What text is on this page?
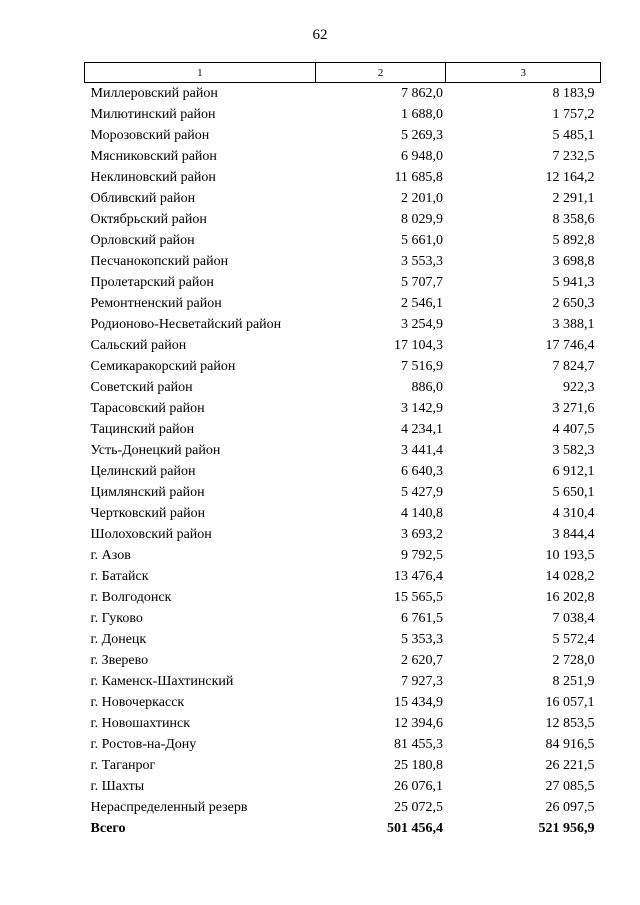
62
1	2	3
Миллеровский район	7 862,0	8 183,9
Милютинский район	1 688,0	1 757,2
Морозовский район	5 269,3	5 485,1
Мясниковский район	6 948,0	7 232,5
Неклиновский район	11 685,8	12 164,2
Обливский район	2 201,0	2 291,1
Октябрьский район	8 029,9	8 358,6
Орловский район	5 661,0	5 892,8
Песчанокопский район	3 553,3	3 698,8
Пролетарский район	5 707,7	5 941,3
Ремонтненский район	2 546,1	2 650,3
Родионово-Несветайский район	3 254,9	3 388,1
Сальский район	17 104,3	17 746,4
Семикаракорский район	7 516,9	7 824,7
Советский район	886,0	922,3
Тарасовский район	3 142,9	3 271,6
Тацинский район	4 234,1	4 407,5
Усть-Донецкий район	3 441,4	3 582,3
Целинский район	6 640,3	6 912,1
Цимлянский район	5 427,9	5 650,1
Чертковский район	4 140,8	4 310,4
Шолоховский район	3 693,2	3 844,4
г. Азов	9 792,5	10 193,5
г. Батайск	13 476,4	14 028,2
г. Волгодонск	15 565,5	16 202,8
г. Гуково	6 761,5	7 038,4
г. Донецк	5 353,3	5 572,4
г. Зверево	2 620,7	2 728,0
г. Каменск-Шахтинский	7 927,3	8 251,9
г. Новочеркасск	15 434,9	16 057,1
г. Новошахтинск	12 394,6	12 853,5
г. Ростов-на-Дону	81 455,3	84 916,5
г. Таганрог	25 180,8	26 221,5
г. Шахты	26 076,1	27 085,5
Нераспределенный резерв	25 072,5	26 097,5
Всего	501 456,4	521 956,9
